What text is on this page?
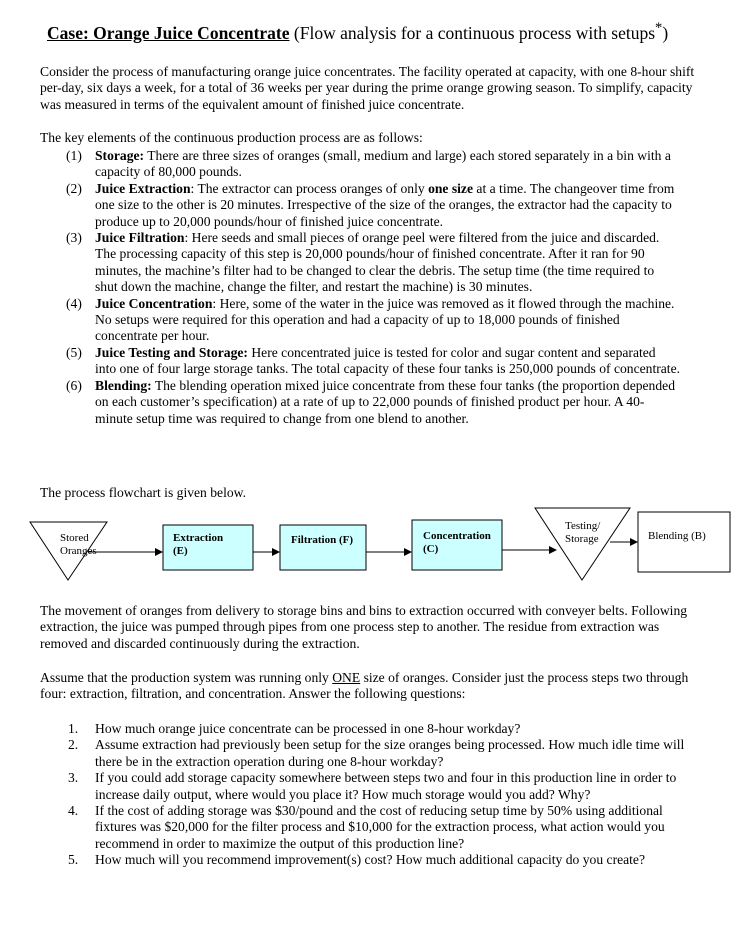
Case: Orange Juice Concentrate (Flow analysis for a continuous process with setups*)
Consider the process of manufacturing orange juice concentrates. The facility operated at capacity, with one 8-hour shift per-day, six days a week, for a total of 36 weeks per year during the prime orange growing season. To simplify, capacity was measured in terms of the equivalent amount of finished juice concentrate.
The key elements of the continuous production process are as follows:
(1) Storage: There are three sizes of oranges (small, medium and large) each stored separately in a bin with a capacity of 80,000 pounds.
(2) Juice Extraction: The extractor can process oranges of only one size at a time. The changeover time from one size to the other is 20 minutes. Irrespective of the size of the oranges, the extractor had the capacity to produce up to 20,000 pounds/hour of finished juice concentrate.
(3) Juice Filtration: Here seeds and small pieces of orange peel were filtered from the juice and discarded. The processing capacity of this step is 20,000 pounds/hour of finished concentrate. After it ran for 90 minutes, the machine’s filter had to be changed to clear the debris. The setup time (the time required to shut down the machine, change the filter, and restart the machine) is 30 minutes.
(4) Juice Concentration: Here, some of the water in the juice was removed as it flowed through the machine. No setups were required for this operation and had a capacity of up to 18,000 pounds of finished concentrate per hour.
(5) Juice Testing and Storage: Here concentrated juice is tested for color and sugar content and separated into one of four large storage tanks. The total capacity of these four tanks is 250,000 pounds of concentrate.
(6) Blending: The blending operation mixed juice concentrate from these four tanks (the proportion depended on each customer’s specification) at a rate of up to 22,000 pounds of finished product per hour. A 40-minute setup time was required to change from one blend to another.
The process flowchart is given below.
Stored
Oranges
Extraction
(E)
Filtration (F)	Concentration
(C)
Testing/
Storage	Blending (B)
The movement of oranges from delivery to storage bins and bins to extraction occurred with conveyer belts. Following extraction, the juice was pumped through pipes from one process step to another. The residue from extraction was removed and discarded continuously during the extraction.
Assume that the production system was running only ONE size of oranges. Consider just the process steps two through four: extraction, filtration, and concentration. Answer the following questions:
1. How much orange juice concentrate can be processed in one 8-hour workday?
2. Assume extraction had previously been setup for the size oranges being processed. How much idle time will there be in the extraction operation during one 8-hour workday?
3. If you could add storage capacity somewhere between steps two and four in this production line in order to increase daily output, where would you place it? How much storage would you add? Why?
4. If the cost of adding storage was $30/pound and the cost of reducing setup time by 50% using additional fixtures was $20,000 for the filter process and $10,000 for the extraction process, what action would you recommend in order to maximize the output of this production line?
5. How much will you recommend improvement(s) cost? How much additional capacity do you create?
